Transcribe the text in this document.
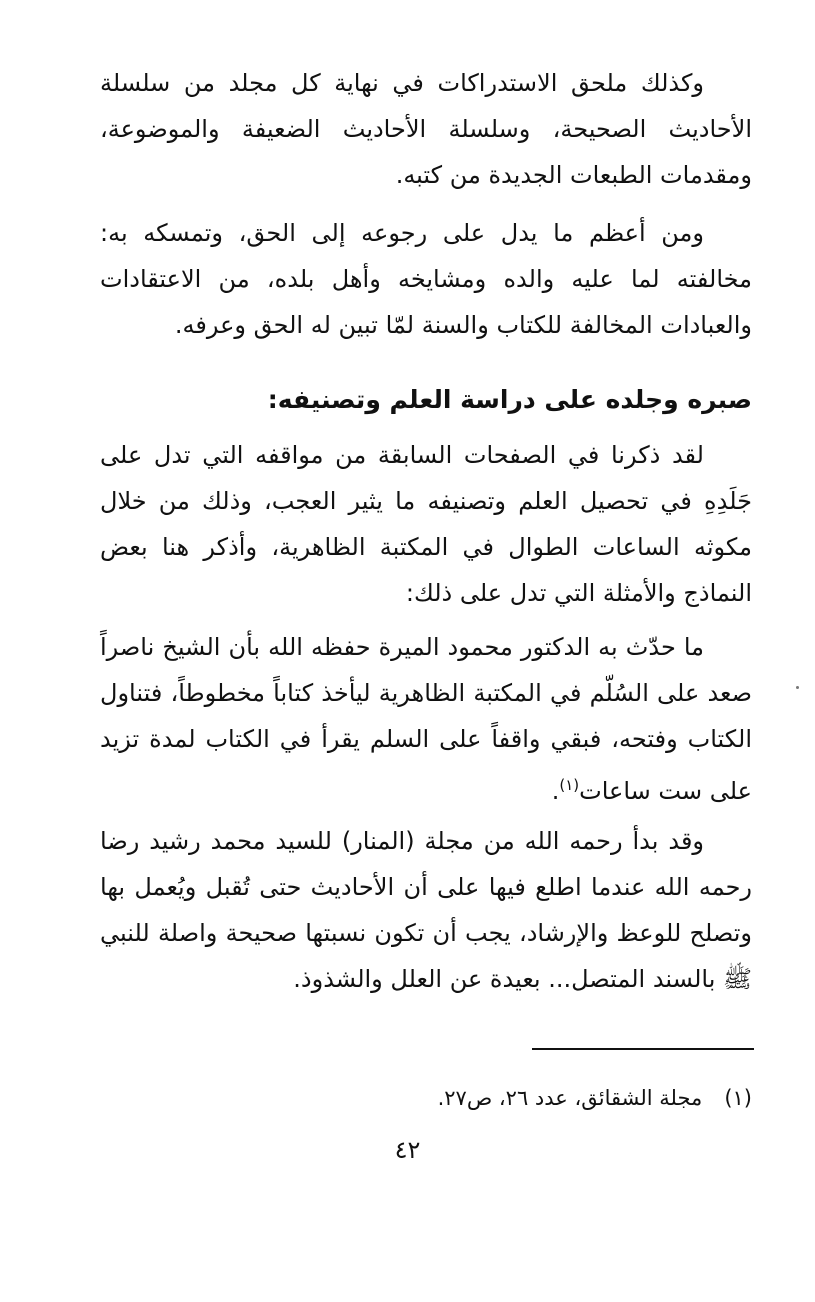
وكذلك ملحق الاستدراكات في نهاية كل مجلد من سلسلة الأحاديث الصحيحة، وسلسلة الأحاديث الضعيفة والموضوعة، ومقدمات الطبعات الجديدة من كتبه.

ومن أعظم ما يدل على رجوعه إلى الحق، وتمسكه به: مخالفته لما عليه والده ومشايخه وأهل بلده، من الاعتقادات والعبادات المخالفة للكتاب والسنة لمّا تبين له الحق وعرفه.

صبره وجلده على دراسة العلم وتصنيفه:

لقد ذكرنا في الصفحات السابقة من مواقفه التي تدل على جَلَدِهِ في تحصيل العلم وتصنيفه ما يثير العجب، وذلك من خلال مكوثه الساعات الطوال في المكتبة الظاهرية، وأذكر هنا بعض النماذج والأمثلة التي تدل على ذلك:

ما حدّث به الدكتور محمود الميرة حفظه الله بأن الشيخ ناصراً صعد على السُلّم في المكتبة الظاهرية ليأخذ كتاباً مخطوطاً، فتناول الكتاب وفتحه، فبقي واقفاً على السلم يقرأ في الكتاب لمدة تزيد على ست ساعات$^{(١)}$.

وقد بدأ رحمه الله من مجلة (المنار) للسيد محمد رشيد رضا رحمه الله عندما اطلع فيها على أن الأحاديث حتى تُقبل ويُعمل بها وتصلح للوعظ والإرشاد، يجب أن تكون نسبتها صحيحة واصلة للنبي ﷺ بالسند المتصل... بعيدة عن العلل والشذوذ.

(١)مجلة الشقائق، عدد ٢٦، ص٢٧.

٤٢
